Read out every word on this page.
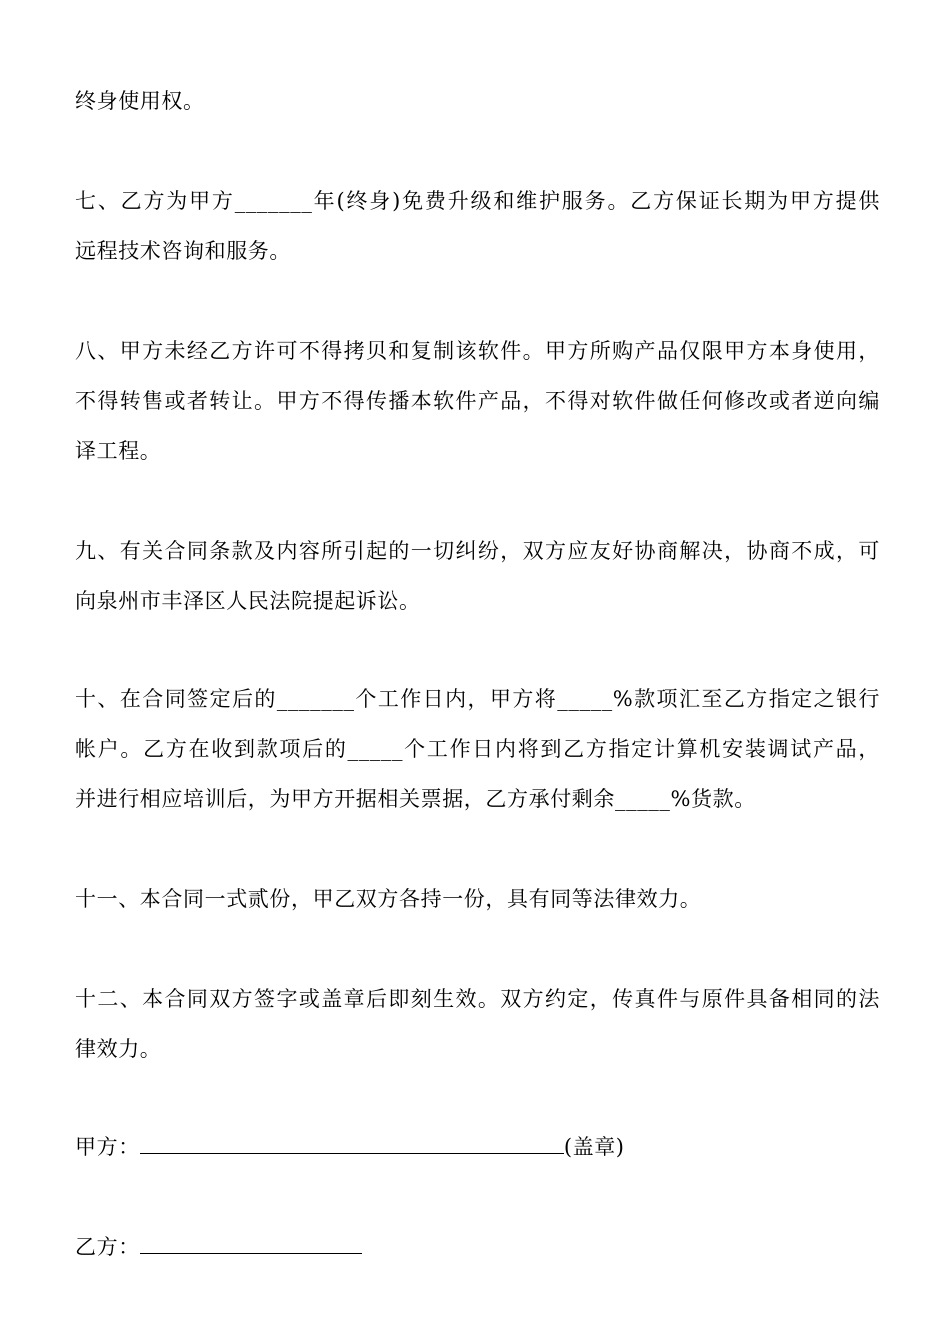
终身使用权。

七、乙方为甲方_______年(终身)免费升级和维护服务。乙方保证长期为甲方提供
远程技术咨询和服务。

八、甲方未经乙方许可不得拷贝和复制该软件。甲方所购产品仅限甲方本身使用，
不得转售或者转让。甲方不得传播本软件产品，不得对软件做任何修改或者逆向编
译工程。

九、有关合同条款及内容所引起的一切纠纷，双方应友好协商解决，协商不成，可
向泉州市丰泽区人民法院提起诉讼。

十、在合同签定后的_______个工作日内，甲方将_____%款项汇至乙方指定之银行
帐户。乙方在收到款项后的_____个工作日内将到乙方指定计算机安装调试产品，
并进行相应培训后，为甲方开据相关票据，乙方承付剩余_____%货款。

十一、本合同一式贰份，甲乙双方各持一份，具有同等法律效力。

十二、本合同双方签字或盖章后即刻生效。双方约定，传真件与原件具备相同的法
律效力。

甲方：	(盖章)

乙方：
